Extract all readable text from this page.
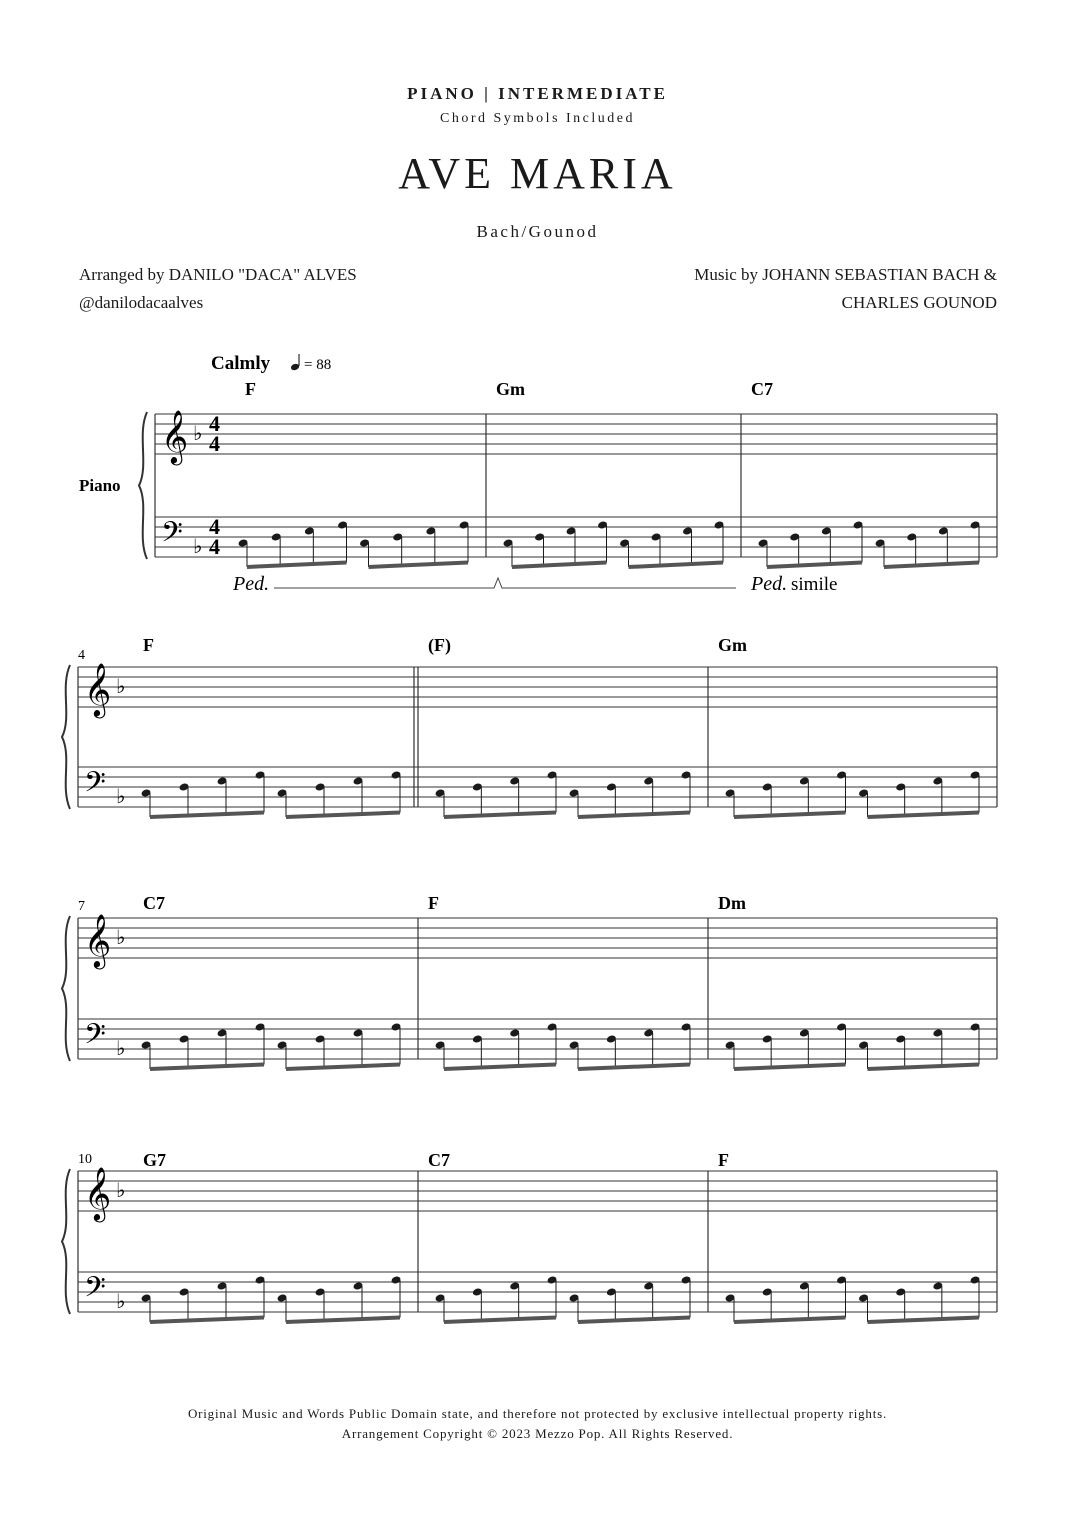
PIANO | INTERMEDIATE
Chord Symbols Included
AVE MARIA
Bach/Gounod
Arranged by DANILO "DACA" ALVES
@danilodacaalves
Music by JOHANN SEBASTIAN BACH &
CHARLES GOUNOD
Calmly = 88
Piano
𝄞
𝄢
♭
♭
4
4
4
4
F	Gm	C7
𝄞
𝄢
♭
♭
4
F	(F)	Gm
𝄞
𝄢
♭
♭
7	C7	F	Dm
𝄞
𝄢
♭
♭
10	G7	C7	F
Ped.	Ped. simile
Original Music and Words Public Domain state, and therefore not protected by exclusive intellectual property rights.
Arrangement Copyright © 2023 Mezzo Pop. All Rights Reserved.
